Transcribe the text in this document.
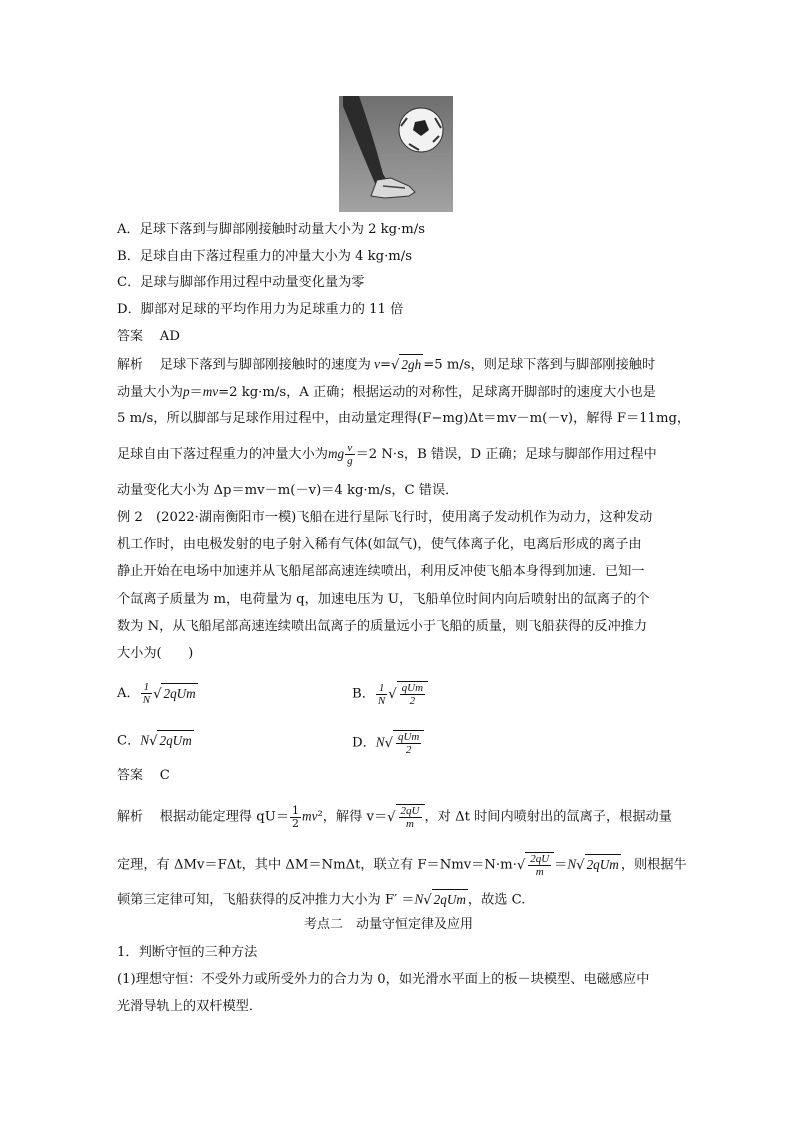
A．足球下落到与脚部刚接触时动量大小为 2 kg·m/s
B．足球自由下落过程重力的冲量大小为 4 kg·m/s
C．足球与脚部作用过程中动量变化量为零
D．脚部对足球的平均作用力为足球重力的 11 倍
答案 AD
解析 足球下落到与脚部刚接触时的速度为 v=√ 2gh =5 m/s，则足球下落到与脚部刚接触时
动量大小为p＝mv=2 kg·m/s，A 正确；根据运动的对称性，足球离开脚部时的速度大小也是
5 m/s，所以脚部与足球作用过程中，由动量定理得(F−mg)Δt＝mv－m(－v)，解得 F＝11mg，
足球自由下落过程重力的冲量大小为mg $\frac{v}{g} =2$ N·s，B 错误，D 正确；足球与脚部作用过程中
动量变化大小为 Δp＝mv－m(－v)＝4 kg·m/s，C 错误．
例 2　(2022·湖南衡阳市一模)飞船在进行星际飞行时，使用离子发动机作为动力，这种发动
机工作时，由电极发射的电子射入稀有气体(如氙气)，使气体离子化，电离后形成的离子由
静止开始在电场中加速并从飞船尾部高速连续喷出，利用反冲使飞船本身得到加速．已知一
个氙离子质量为 m，电荷量为 q，加速电压为 U，飞船单位时间内向后喷射出的氙离子的个
数为 N，从飞船尾部高速连续喷出氙离子的质量远小于飞船的质量，则飞船获得的反冲推力
大小为(　　)
A． $\frac{1}{N}$ √ 2qUm	B． $\frac{1}{N}$ √ $\frac{\text{qUm}}{2}$
C．N√ 2qUm	D．$N√ \frac{\text{qUm}}{2}$
答案 C
解析 根据动能定理得 $qU= \frac{1}{2} mv^2$，解得 $v=√ \frac{2qU}{m}$ ，对 Δt 时间内喷射出的氙离子，根据动量
定理，有 ΔMv＝FΔt，其中 ΔM＝NmΔt，联立有 $F=Nmv=N\cdot m\cdot√ \frac{2qU}{m} =N√$ 2qUm ，则根据牛
顿第三定律可知，飞船获得的反冲推力大小为 F′ ＝N√ 2qUm ，故选 C.
考点二　动量守恒定律及应用
1．判断守恒的三种方法
(1)理想守恒：不受外力或所受外力的合力为 0，如光滑水平面上的板－块模型、电磁感应中
光滑导轨上的双杆模型．
